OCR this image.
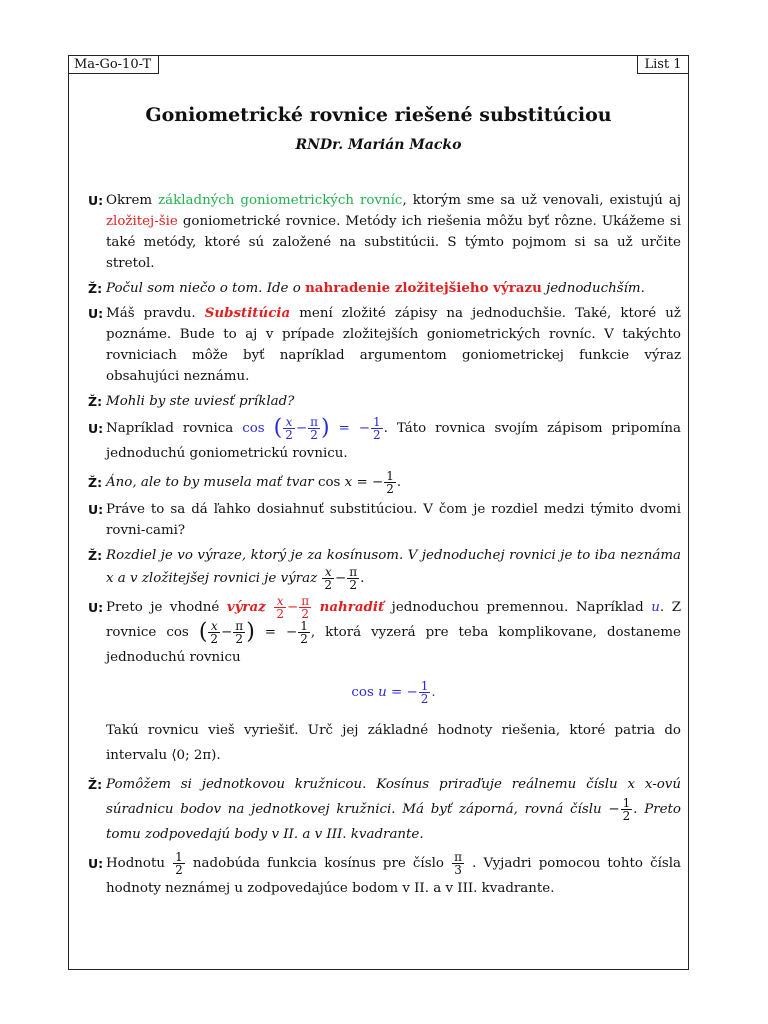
Ma-Go-10-T	List 1
Goniometrické rovnice riešené substitúciou
RNDr. Marián Macko
U: Okrem základných goniometrických rovníc, ktorým sme sa už venovali, existujú aj zložitej-šie goniometrické rovnice. Metódy ich riešenia môžu byť rôzne. Ukážeme si také metódy, ktoré sú založené na substitúcii. S týmto pojmom si sa už určite stretol.
Ž: Počul som niečo o tom. Ide o nahradenie zložitejšieho výrazu jednoduchším.
U: Máš pravdu. Substitúcia mení zložité zápisy na jednoduchšie. Také, ktoré už poznáme. Bude to aj v prípade zložitejších goniometrických rovníc. V takýchto rovniciach môže byť napríklad argumentom goniometrickej funkcie výraz obsahujúci neznámu.
Ž: Mohli by ste uviesť príklad?
U: Napríklad rovnica cos ( $\frac{x}{2} - \frac{\pi}{2}$ ) = − $\frac{1}{2}$ . Táto rovnica svojím zápisom pripomína jednoduchú goniometrickú rovnicu.
Ž: Áno, ale to by musela mať tvar cos x = − $\frac{1}{2}$ .
U: Práve to sa dá ľahko dosiahnuť substitúciou. V čom je rozdiel medzi týmito dvomi rovni-cami?
Ž: Rozdiel je vo výraze, ktorý je za kosínusom. V jednoduchej rovnici je to iba neznáma x a v zložitejšej rovnici je výraz $\frac{x}{2} - \frac{\pi}{2}$ .
U: Preto je vhodné výraz $\frac{x}{2} - \frac{\pi}{2}$ nahradiť jednoduchou premennou. Napríklad u. Z rovnice cos ( $\frac{x}{2} - \frac{\pi}{2}$ ) = − $\frac{1}{2}$ , ktorá vyzerá pre teba komplikovane, dostaneme jednoduchú rovnicu
cos u = − $\frac{1}{2}$ .
Takú rovnicu vieš vyriešiť. Urč jej základné hodnoty riešenia, ktoré patria do intervalu ⟨0; 2π).
Ž: Pomôžem si jednotkovou kružnicou. Kosínus priraďuje reálnemu číslu x x-ovú súradnicu bodov na jednotkovej kružnici. Má byť záporná, rovná číslu − $\frac{1}{2}$ . Preto tomu zodpovedajú body v II. a v III. kvadrante.
U: Hodnotu $\frac{1}{2}$ nadobúda funkcia kosínus pre číslo $\frac{\pi}{3}$ . Vyjadri pomocou tohto čísla hodnoty neznámej u zodpovedajúce bodom v II. a v III. kvadrante.
